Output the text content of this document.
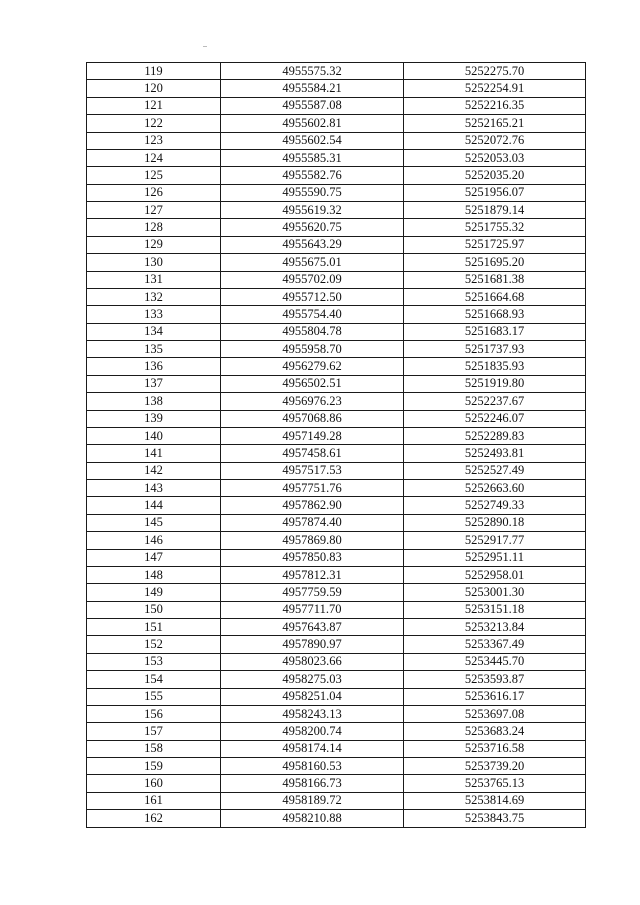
119	4955575.32	5252275.70
120	4955584.21	5252254.91
121	4955587.08	5252216.35
122	4955602.81	5252165.21
123	4955602.54	5252072.76
124	4955585.31	5252053.03
125	4955582.76	5252035.20
126	4955590.75	5251956.07
127	4955619.32	5251879.14
128	4955620.75	5251755.32
129	4955643.29	5251725.97
130	4955675.01	5251695.20
131	4955702.09	5251681.38
132	4955712.50	5251664.68
133	4955754.40	5251668.93
134	4955804.78	5251683.17
135	4955958.70	5251737.93
136	4956279.62	5251835.93
137	4956502.51	5251919.80
138	4956976.23	5252237.67
139	4957068.86	5252246.07
140	4957149.28	5252289.83
141	4957458.61	5252493.81
142	4957517.53	5252527.49
143	4957751.76	5252663.60
144	4957862.90	5252749.33
145	4957874.40	5252890.18
146	4957869.80	5252917.77
147	4957850.83	5252951.11
148	4957812.31	5252958.01
149	4957759.59	5253001.30
150	4957711.70	5253151.18
151	4957643.87	5253213.84
152	4957890.97	5253367.49
153	4958023.66	5253445.70
154	4958275.03	5253593.87
155	4958251.04	5253616.17
156	4958243.13	5253697.08
157	4958200.74	5253683.24
158	4958174.14	5253716.58
159	4958160.53	5253739.20
160	4958166.73	5253765.13
161	4958189.72	5253814.69
162	4958210.88	5253843.75
